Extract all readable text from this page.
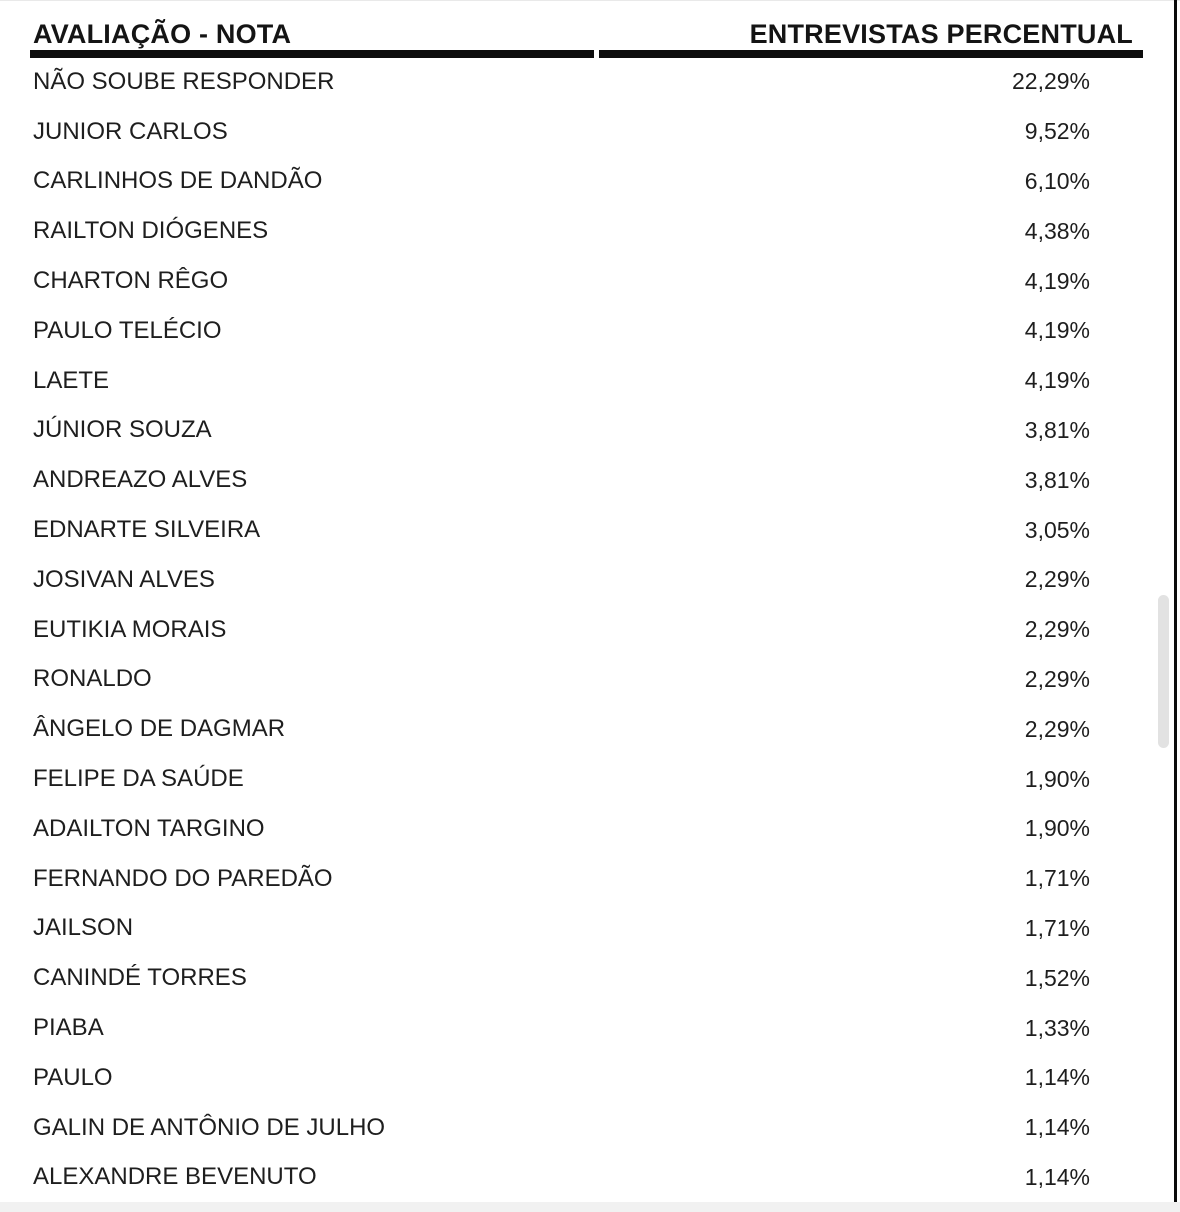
AVALIAÇÃO - NOTA	ENTREVISTAS PERCENTUAL
NÃO SOUBE RESPONDER	22,29%
JUNIOR CARLOS	9,52%
CARLINHOS DE DANDÃO	6,10%
RAILTON DIÓGENES	4,38%
CHARTON RÊGO	4,19%
PAULO TELÉCIO	4,19%
LAETE	4,19%
JÚNIOR SOUZA	3,81%
ANDREAZO ALVES	3,81%
EDNARTE SILVEIRA	3,05%
JOSIVAN ALVES	2,29%
EUTIKIA MORAIS	2,29%
RONALDO	2,29%
ÂNGELO DE DAGMAR	2,29%
FELIPE DA SAÚDE	1,90%
ADAILTON TARGINO	1,90%
FERNANDO DO PAREDÃO	1,71%
JAILSON	1,71%
CANINDÉ TORRES	1,52%
PIABA	1,33%
PAULO	1,14%
GALIN DE ANTÔNIO DE JULHO	1,14%
ALEXANDRE BEVENUTO	1,14%
